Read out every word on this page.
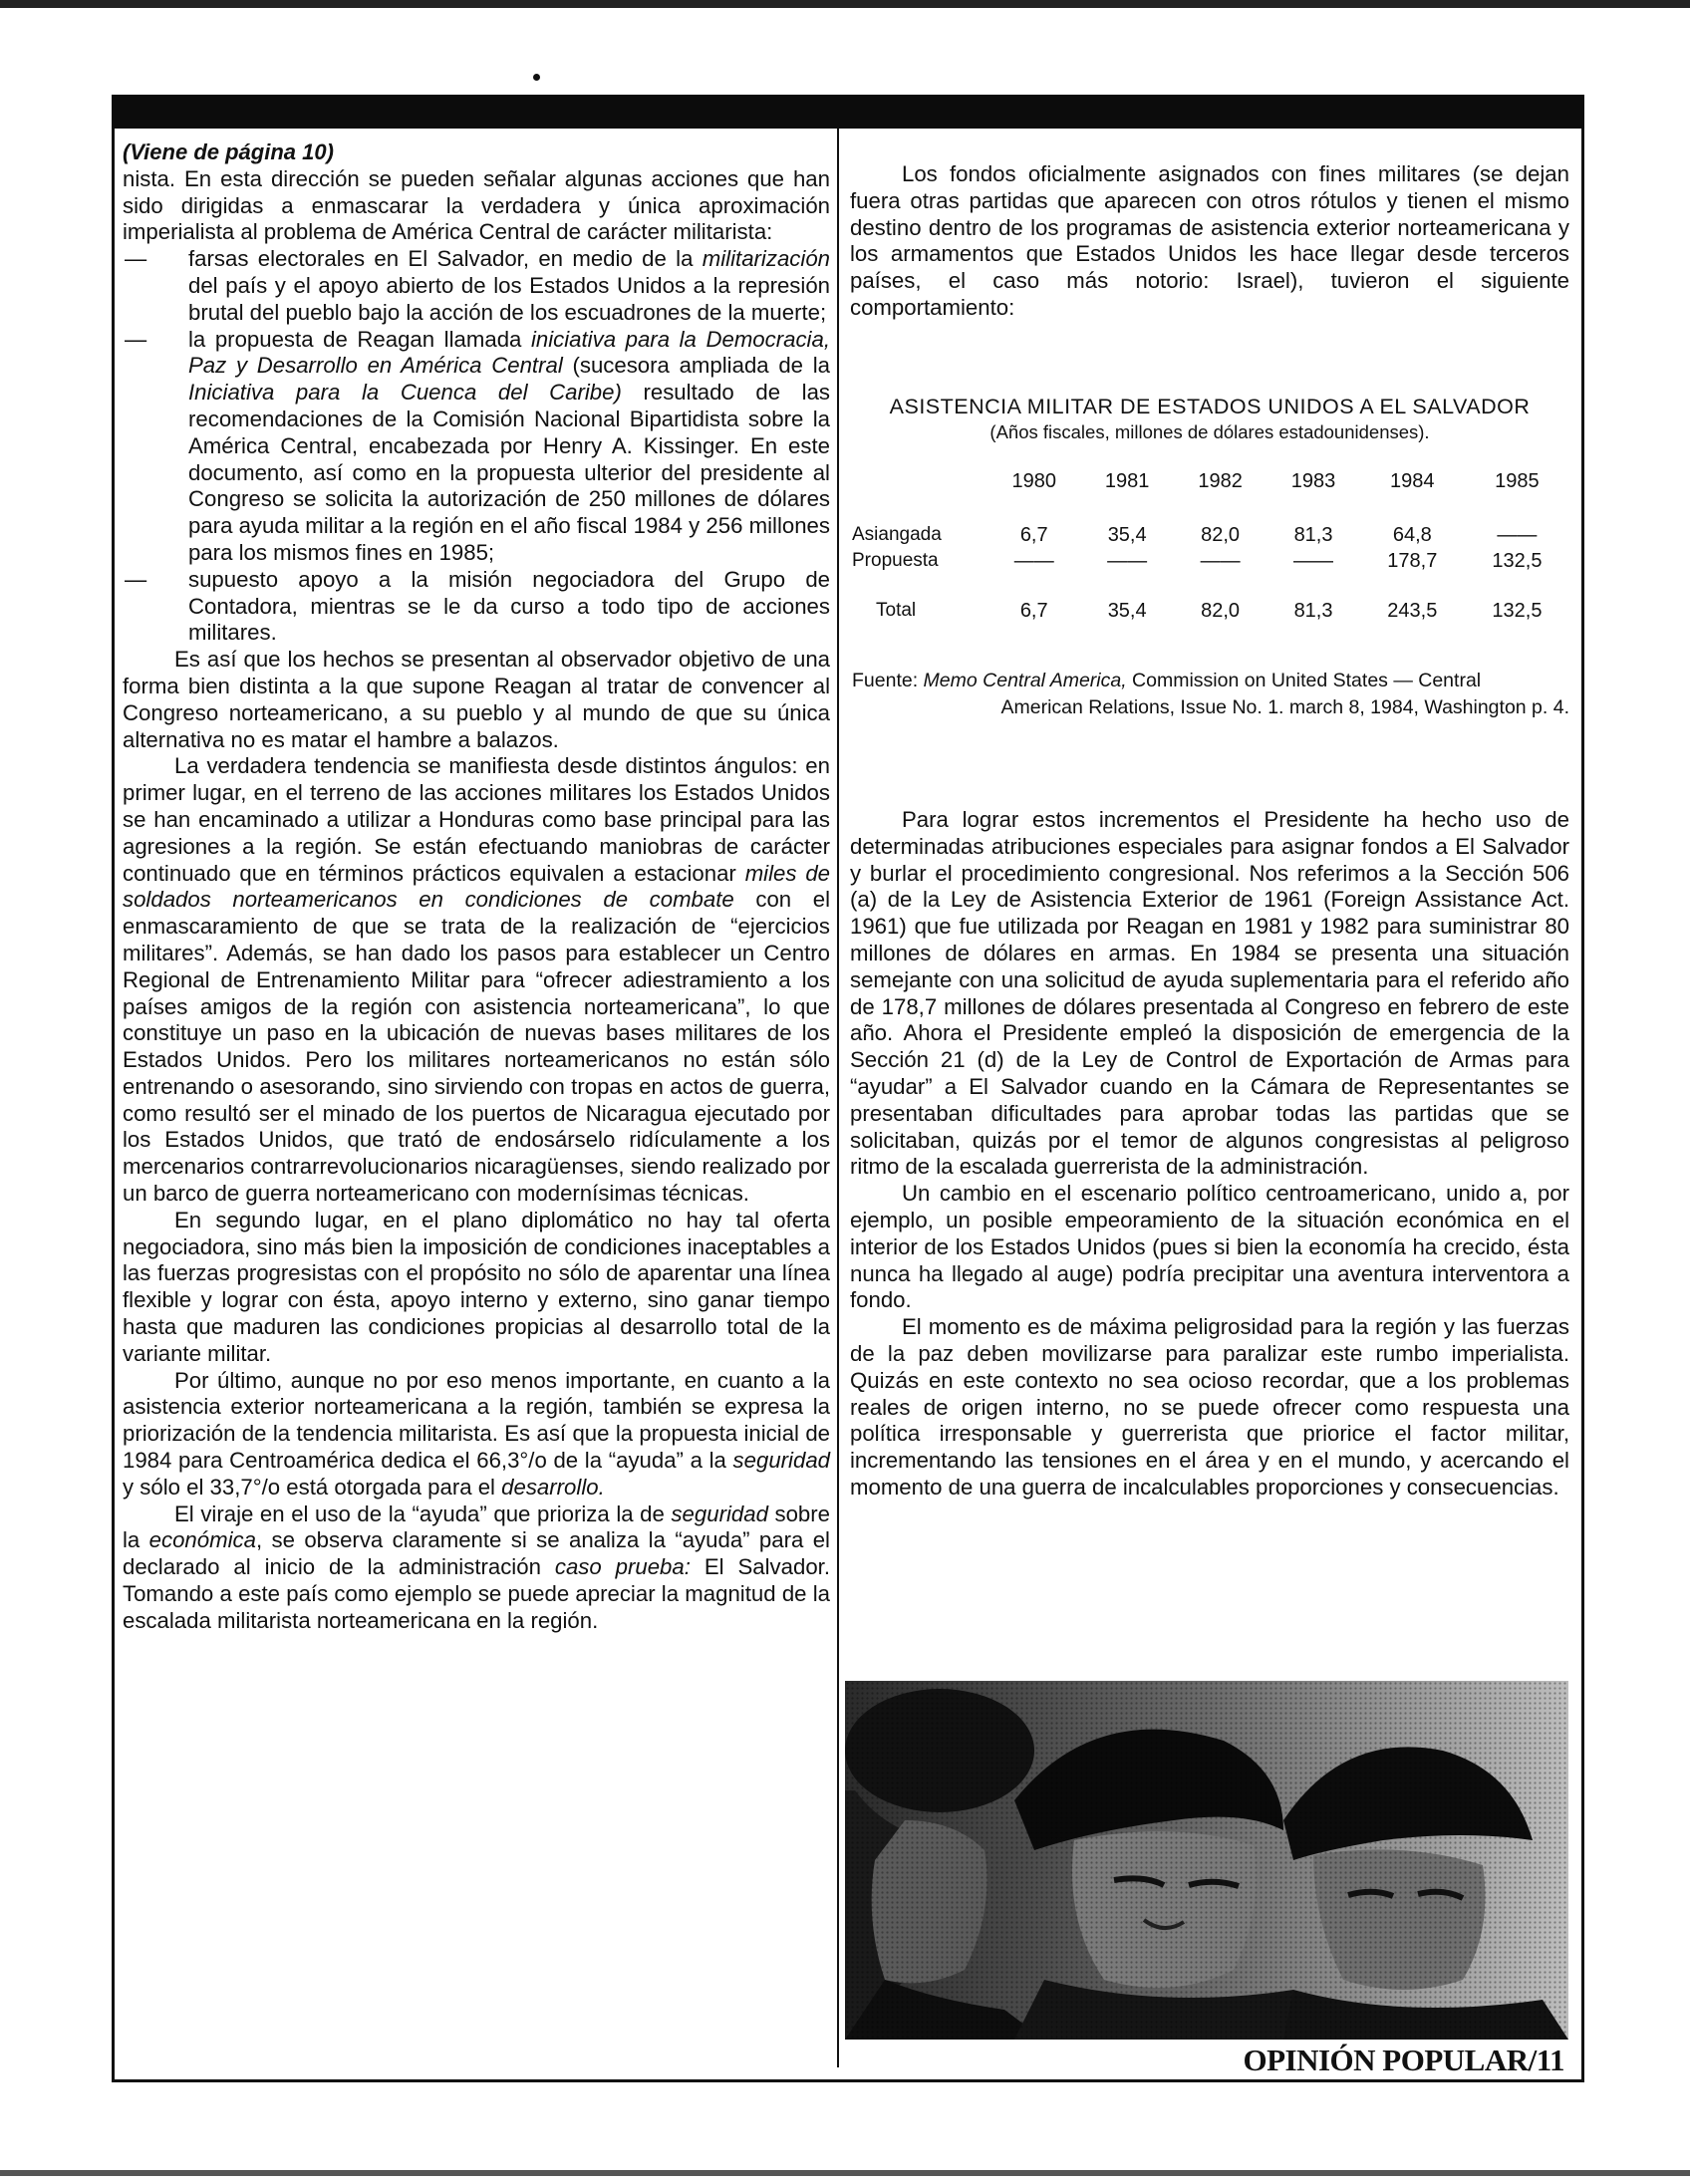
(Viene de página 10)

nista. En esta dirección se pueden señalar algunas acciones que han sido dirigidas a enmascarar la verdadera y única aproximación imperialista al problema de América Central de carácter militarista:

— farsas electorales en El Salvador, en medio de la militarización del país y el apoyo abierto de los Estados Unidos a la represión brutal del pueblo bajo la acción de los escuadrones de la muerte;

— la propuesta de Reagan llamada iniciativa para la Democracia, Paz y Desarrollo en América Central (sucesora ampliada de la Iniciativa para la Cuenca del Caribe) resultado de las recomendaciones de la Comisión Nacional Bipartidista sobre la América Central, encabezada por Henry A. Kissinger. En este documento, así como en la propuesta ulterior del presidente al Congreso se solicita la autorización de 250 millones de dólares para ayuda militar a la región en el año fiscal 1984 y 256 millones para los mismos fines en 1985;

— supuesto apoyo a la misión negociadora del Grupo de Contadora, mientras se le da curso a todo tipo de acciones militares.

Es así que los hechos se presentan al observador objetivo de una forma bien distinta a la que supone Reagan al tratar de convencer al Congreso norteamericano, a su pueblo y al mundo de que su única alternativa no es matar el hambre a balazos.

La verdadera tendencia se manifiesta desde distintos ángulos: en primer lugar, en el terreno de las acciones militares los Estados Unidos se han encaminado a utilizar a Honduras como base principal para las agresiones a la región. Se están efectuando maniobras de carácter continuado que en términos prácticos equivalen a estacionar miles de soldados norteamericanos en condiciones de combate con el enmascaramiento de que se trata de la realización de “ejercicios militares”. Además, se han dado los pasos para establecer un Centro Regional de Entrenamiento Militar para “ofrecer adiestramiento a los países amigos de la región con asistencia norteamericana”, lo que constituye un paso en la ubicación de nuevas bases militares de los Estados Unidos. Pero los militares norteamericanos no están sólo entrenando o asesorando, sino sirviendo con tropas en actos de guerra, como resultó ser el minado de los puertos de Nicaragua ejecutado por los Estados Unidos, que trató de endosárselo ridículamente a los mercenarios contrarrevolucionarios nicaragüenses, siendo realizado por un barco de guerra norteamericano con modernísimas técnicas.

En segundo lugar, en el plano diplomático no hay tal oferta negociadora, sino más bien la imposición de condiciones inaceptables a las fuerzas progresistas con el propósito no sólo de aparentar una línea flexible y lograr con ésta, apoyo interno y externo, sino ganar tiempo hasta que maduren las condiciones propicias al desarrollo total de la variante militar.

Por último, aunque no por eso menos importante, en cuanto a la asistencia exterior norteamericana a la región, también se expresa la priorización de la tendencia militarista. Es así que la propuesta inicial de 1984 para Centroamérica dedica el 66,3°/o de la “ayuda” a la seguridad y sólo el 33,7°/o está otorgada para el desarrollo.

El viraje en el uso de la “ayuda” que prioriza la de seguridad sobre la económica, se observa claramente si se analiza la “ayuda” para el declarado al inicio de la administración caso prueba: El Salvador. Tomando a este país como ejemplo se puede apreciar la magnitud de la escalada militarista norteamericana en la región.

Los fondos oficialmente asignados con fines militares (se dejan fuera otras partidas que aparecen con otros rótulos y tienen el mismo destino dentro de los programas de asistencia exterior norteamericana y los armamentos que Estados Unidos les hace llegar desde terceros países, el caso más notorio: Israel), tuvieron el siguiente comportamiento:

ASISTENCIA MILITAR DE ESTADOS UNIDOS A EL SALVADOR
(Años fiscales, millones de dólares estadounidenses).
	1980	1981	1982	1983	1984	1985

Asiangada	6,7	35,4	82,0	81,3	64,8	——
Propuesta	——	——	——	——	178,7	132,5

Total	6,7	35,4	82,0	81,3	243,5	132,5

Fuente: Memo Central America, Commission on United States — Central

American Relations, Issue No. 1. march 8, 1984, Washington p. 4.

Para lograr estos incrementos el Presidente ha hecho uso de determinadas atribuciones especiales para asignar fondos a El Salvador y burlar el procedimiento congresional. Nos referimos a la Sección 506 (a) de la Ley de Asistencia Exterior de 1961 (Foreign Assistance Act. 1961) que fue utilizada por Reagan en 1981 y 1982 para suministrar 80 millones de dólares en armas. En 1984 se presenta una situación semejante con una solicitud de ayuda suplementaria para el referido año de 178,7 millones de dólares presentada al Congreso en febrero de este año. Ahora el Presidente empleó la disposición de emergencia de la Sección 21 (d) de la Ley de Control de Exportación de Armas para “ayudar” a El Salvador cuando en la Cámara de Representantes se presentaban dificultades para aprobar todas las partidas que se solicitaban, quizás por el temor de algunos congresistas al peligroso ritmo de la escalada guerrerista de la administración.

Un cambio en el escenario político centroamericano, unido a, por ejemplo, un posible empeoramiento de la situación económica en el interior de los Estados Unidos (pues si bien la economía ha crecido, ésta nunca ha llegado al auge) podría precipitar una aventura interventora a fondo.

El momento es de máxima peligrosidad para la región y las fuerzas de la paz deben movilizarse para paralizar este rumbo imperialista. Quizás en este contexto no sea ocioso recordar, que a los problemas reales de origen interno, no se puede ofrecer como respuesta una política irresponsable y guerrerista que priorice el factor militar, incrementando las tensiones en el área y en el mundo, y acercando el momento de una guerra de incalculables proporciones y consecuencias.

OPINIÓN POPULAR/11
